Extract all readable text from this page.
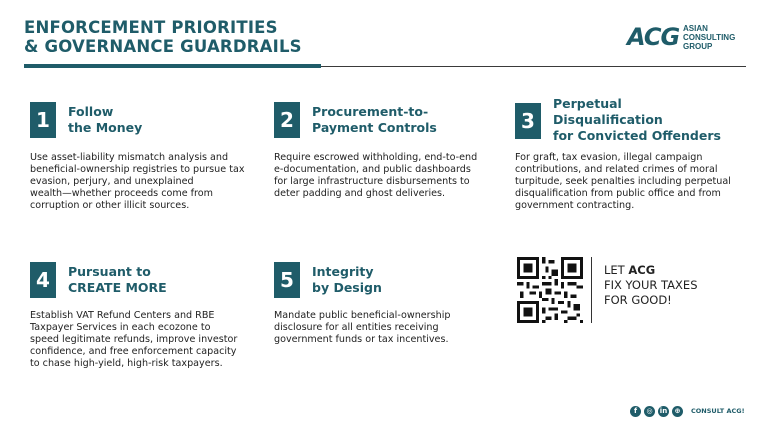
ENFORCEMENT PRIORITIES
& GOVERNANCE GUARDRAILS	ACG ASIAN
CONSULTING
GROUP
1	Follow
the Money
Use asset-liability mismatch analysis and
beneficial-ownership registries to pursue tax
evasion, perjury, and unexplained
wealth—whether proceeds come from
corruption or other illicit sources.
2	Procurement-to-
Payment Controls
Require escrowed withholding, end-to-end
e-documentation, and public dashboards
for large infrastructure disbursements to
deter padding and ghost deliveries.
3
Perpetual
Disqualification
for Convicted Offenders
For graft, tax evasion, illegal campaign
contributions, and related crimes of moral
turpitude, seek penalties including perpetual
disqualification from public office and from
government contracting.
4	Pursuant to
CREATE MORE
Establish VAT Refund Centers and RBE
Taxpayer Services in each ecozone to
speed legitimate refunds, improve investor
confidence, and free enforcement capacity
to chase high-yield, high-risk taxpayers.
5	Integrity
by Design
Mandate public beneficial-ownership
disclosure for all entities receiving
government funds or tax incentives.
LET ACG
FIX YOUR TAXES
FOR GOOD!
f	◎	in	⊕	CONSULT ACG!
